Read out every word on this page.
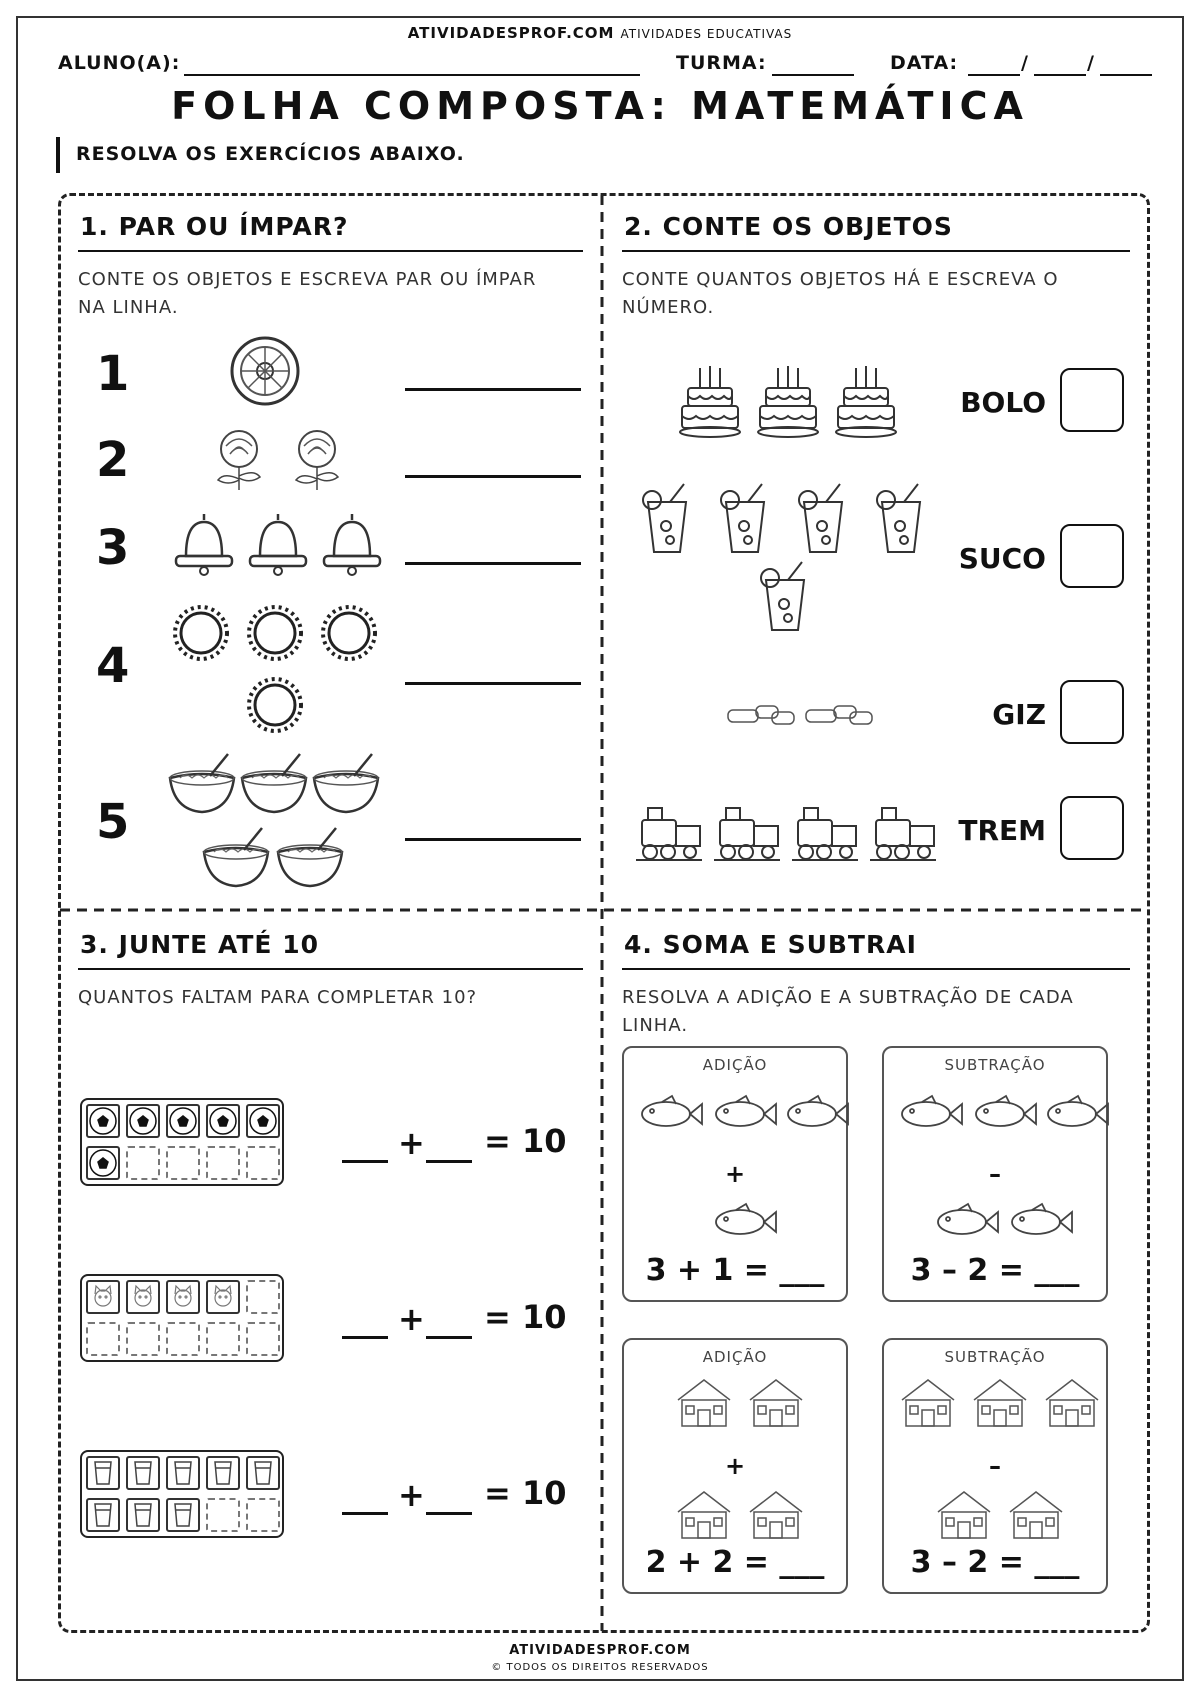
ATIVIDADESPROF.COM ATIVIDADES EDUCATIVAS
ALUNO(A):	TURMA:	DATA:	/	/
FOLHA COMPOSTA: MATEMÁTICA
RESOLVA OS EXERCÍCIOS ABAIXO.
1. PAR OU ÍMPAR?
CONTE OS OBJETOS E ESCREVA PAR OU ÍMPAR
NA LINHA.
1
2
3
4
5
2. CONTE OS OBJETOS
CONTE QUANTOS OBJETOS HÁ E ESCREVA O
NÚMERO.
BOLO
SUCO
GIZ
TREM
3. JUNTE ATÉ 10
QUANTOS FALTAM PARA COMPLETAR 10?
+ = 10
+ = 10
+ = 10
4. SOMA E SUBTRAI
RESOLVA A ADIÇÃO E A SUBTRAÇÃO DE CADA
LINHA.
ADIÇÃO
+
3 + 1 = ___
SUBTRAÇÃO
–
3 – 2 = ___
ADIÇÃO
+
2 + 2 = ___
SUBTRAÇÃO
–
3 – 2 = ___
ATIVIDADESPROF.COM
© TODOS OS DIREITOS RESERVADOS
